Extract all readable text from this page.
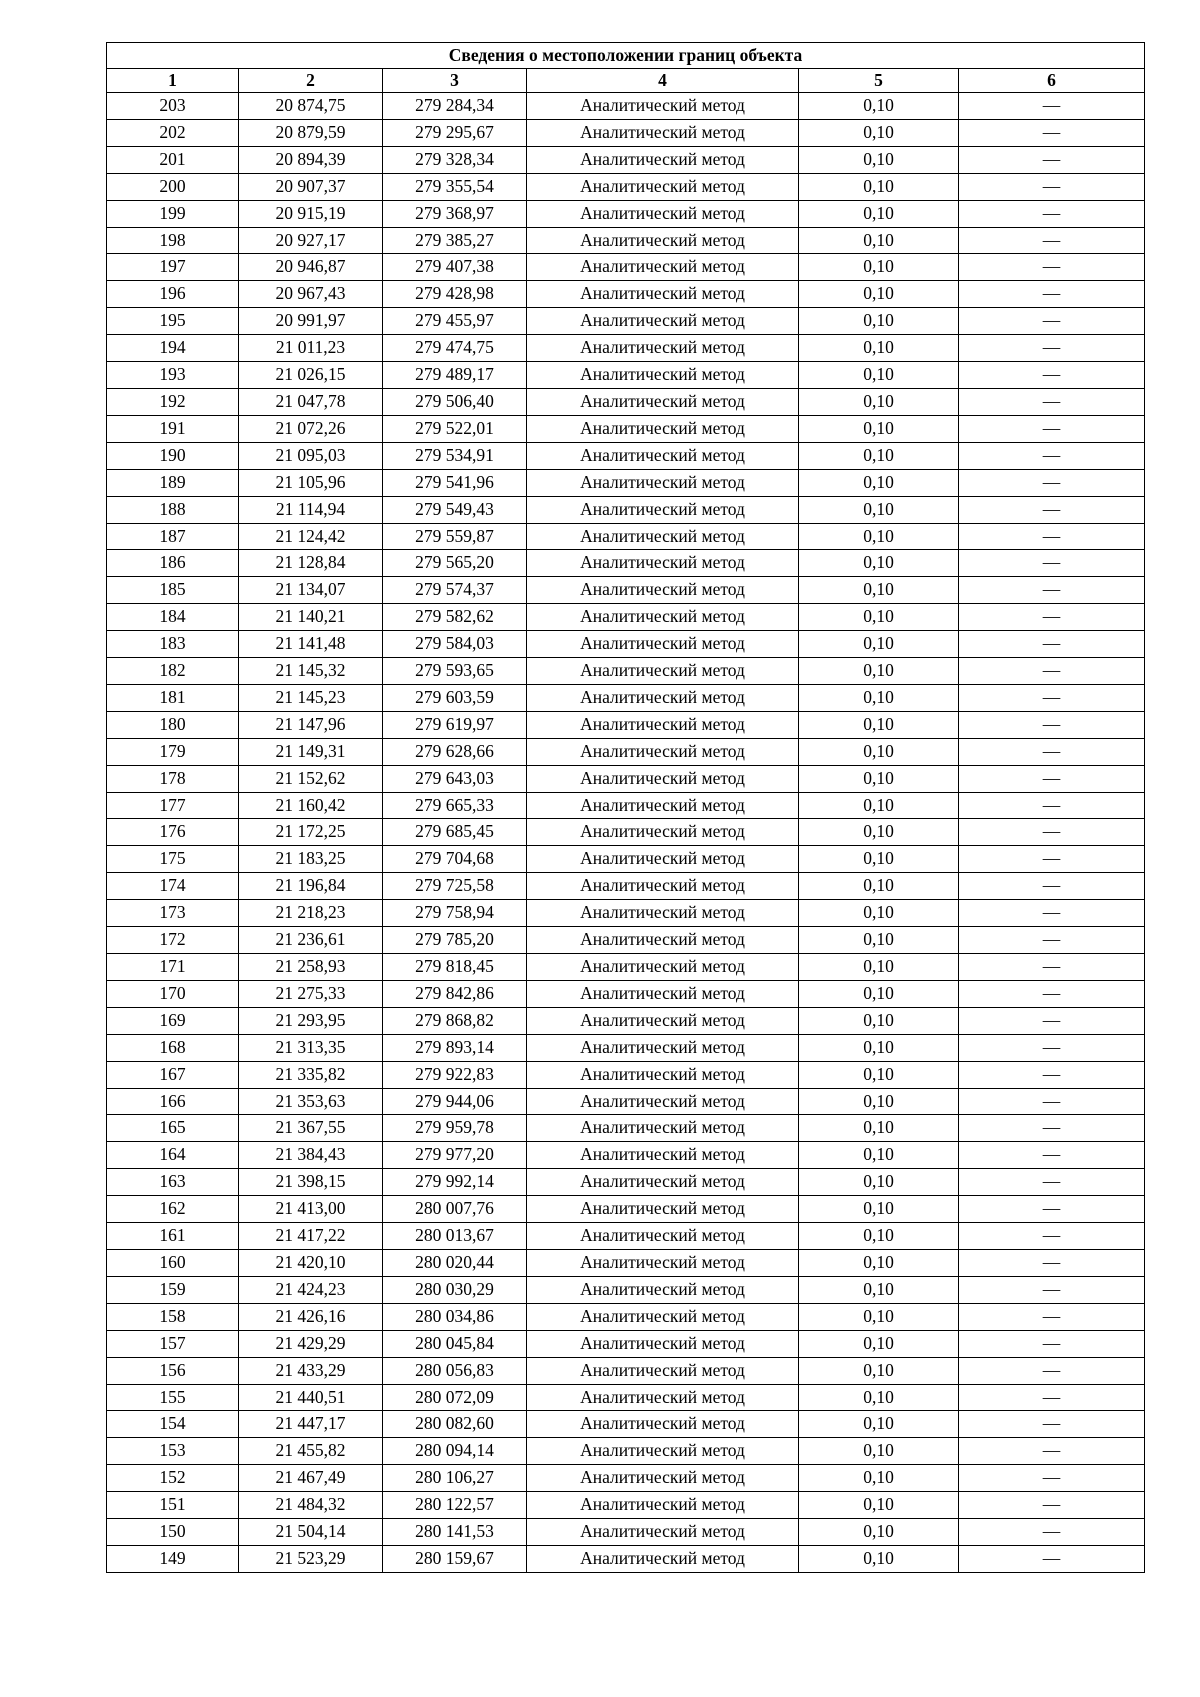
Сведения о местоположении границ объекта					
1	2	3	4	5	6
203	20 874,75	279 284,34	Аналитический метод	0,10	—
202	20 879,59	279 295,67	Аналитический метод	0,10	—
201	20 894,39	279 328,34	Аналитический метод	0,10	—
200	20 907,37	279 355,54	Аналитический метод	0,10	—
199	20 915,19	279 368,97	Аналитический метод	0,10	—
198	20 927,17	279 385,27	Аналитический метод	0,10	—
197	20 946,87	279 407,38	Аналитический метод	0,10	—
196	20 967,43	279 428,98	Аналитический метод	0,10	—
195	20 991,97	279 455,97	Аналитический метод	0,10	—
194	21 011,23	279 474,75	Аналитический метод	0,10	—
193	21 026,15	279 489,17	Аналитический метод	0,10	—
192	21 047,78	279 506,40	Аналитический метод	0,10	—
191	21 072,26	279 522,01	Аналитический метод	0,10	—
190	21 095,03	279 534,91	Аналитический метод	0,10	—
189	21 105,96	279 541,96	Аналитический метод	0,10	—
188	21 114,94	279 549,43	Аналитический метод	0,10	—
187	21 124,42	279 559,87	Аналитический метод	0,10	—
186	21 128,84	279 565,20	Аналитический метод	0,10	—
185	21 134,07	279 574,37	Аналитический метод	0,10	—
184	21 140,21	279 582,62	Аналитический метод	0,10	—
183	21 141,48	279 584,03	Аналитический метод	0,10	—
182	21 145,32	279 593,65	Аналитический метод	0,10	—
181	21 145,23	279 603,59	Аналитический метод	0,10	—
180	21 147,96	279 619,97	Аналитический метод	0,10	—
179	21 149,31	279 628,66	Аналитический метод	0,10	—
178	21 152,62	279 643,03	Аналитический метод	0,10	—
177	21 160,42	279 665,33	Аналитический метод	0,10	—
176	21 172,25	279 685,45	Аналитический метод	0,10	—
175	21 183,25	279 704,68	Аналитический метод	0,10	—
174	21 196,84	279 725,58	Аналитический метод	0,10	—
173	21 218,23	279 758,94	Аналитический метод	0,10	—
172	21 236,61	279 785,20	Аналитический метод	0,10	—
171	21 258,93	279 818,45	Аналитический метод	0,10	—
170	21 275,33	279 842,86	Аналитический метод	0,10	—
169	21 293,95	279 868,82	Аналитический метод	0,10	—
168	21 313,35	279 893,14	Аналитический метод	0,10	—
167	21 335,82	279 922,83	Аналитический метод	0,10	—
166	21 353,63	279 944,06	Аналитический метод	0,10	—
165	21 367,55	279 959,78	Аналитический метод	0,10	—
164	21 384,43	279 977,20	Аналитический метод	0,10	—
163	21 398,15	279 992,14	Аналитический метод	0,10	—
162	21 413,00	280 007,76	Аналитический метод	0,10	—
161	21 417,22	280 013,67	Аналитический метод	0,10	—
160	21 420,10	280 020,44	Аналитический метод	0,10	—
159	21 424,23	280 030,29	Аналитический метод	0,10	—
158	21 426,16	280 034,86	Аналитический метод	0,10	—
157	21 429,29	280 045,84	Аналитический метод	0,10	—
156	21 433,29	280 056,83	Аналитический метод	0,10	—
155	21 440,51	280 072,09	Аналитический метод	0,10	—
154	21 447,17	280 082,60	Аналитический метод	0,10	—
153	21 455,82	280 094,14	Аналитический метод	0,10	—
152	21 467,49	280 106,27	Аналитический метод	0,10	—
151	21 484,32	280 122,57	Аналитический метод	0,10	—
150	21 504,14	280 141,53	Аналитический метод	0,10	—
149	21 523,29	280 159,67	Аналитический метод	0,10	—
